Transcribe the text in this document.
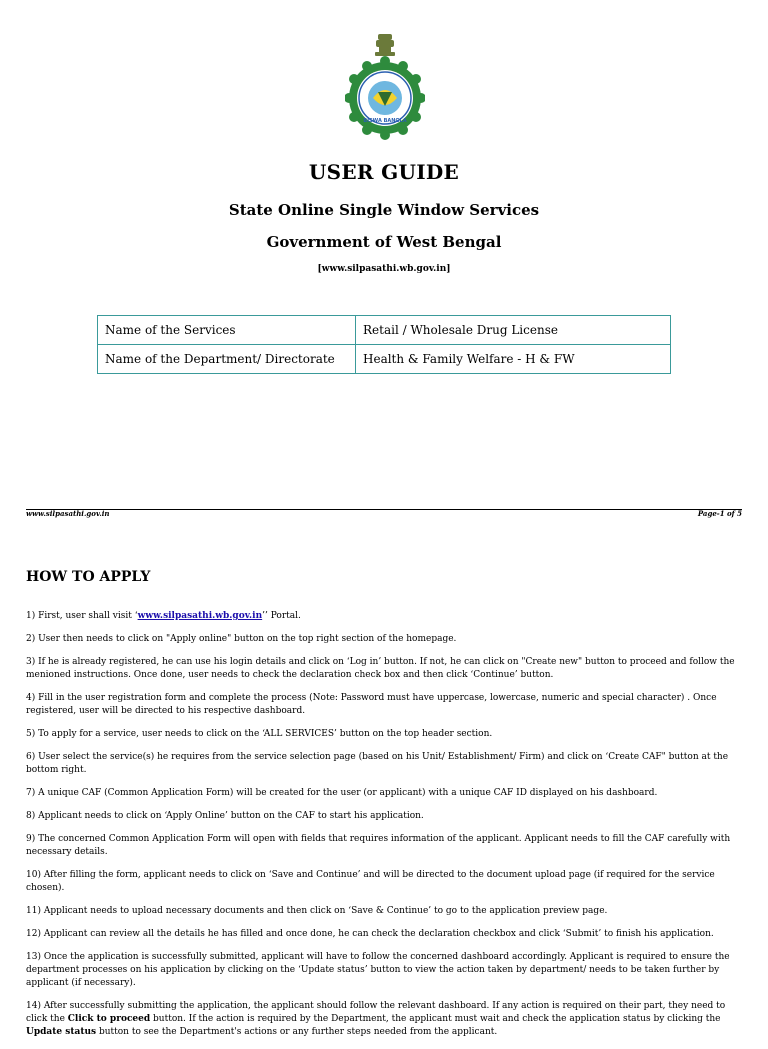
BISWA BANGLA
USER GUIDE
State Online Single Window Services
Government of West Bengal
[www.silpasathi.wb.gov.in]
Name of the Services	Retail / Wholesale Drug License
Name of the Department/ Directorate	Health & Family Welfare - H & FW
www.silpasathi.gov.in	Page-1 of 5
HOW TO APPLY

1) First, user shall visit ‘www.silpasathi.wb.gov.in’’ Portal.

2) User then needs to click on "Apply online" button on the top right section of the homepage.

3) If he is already registered, he can use his login details and click on ‘Log in’ button. If not, he can click on "Create new" button to proceed and follow the menioned instructions. Once done, user needs to check the declaration check box and then click ‘Continue’ button.

4) Fill in the user registration form and complete the process (Note: Password must have uppercase, lowercase, numeric and special character) . Once registered, user will be directed to his respective dashboard.

5) To apply for a service, user needs to click on the ‘ALL SERVICES’ button on the top header section.

6) User select the service(s) he requires from the service selection page (based on his Unit/ Establishment/ Firm) and click on ‘Create CAF" button at the bottom right.

7) A unique CAF (Common Application Form) will be created for the user (or applicant) with a unique CAF ID displayed on his dashboard.

8) Applicant needs to click on ‘Apply Online’ button on the CAF to start his application.

9) The concerned Common Application Form will open with fields that requires information of the applicant. Applicant needs to fill the CAF carefully with necessary details.

10) After filling the form, applicant needs to click on ‘Save and Continue’ and will be directed to the document upload page (if required for the service chosen).

11) Applicant needs to upload necessary documents and then click on ‘Save & Continue’ to go to the application preview page.

12) Applicant can review all the details he has filled and once done, he can check the declaration checkbox and click ‘Submit’ to finish his application.

13) Once the application is successfully submitted, applicant will have to follow the concerned dashboard accordingly. Applicant is required to ensure the department processes on his application by clicking on the ‘Update status’ button to view the action taken by department/ needs to be taken further by applicant (if necessary).

14) After successfully submitting the application, the applicant should follow the relevant dashboard. If any action is required on their part, they need to click the Click to proceed button. If the action is required by the Department, the applicant must wait and check the application status by clicking the Update status button to see the Department's actions or any further steps needed from the applicant.
